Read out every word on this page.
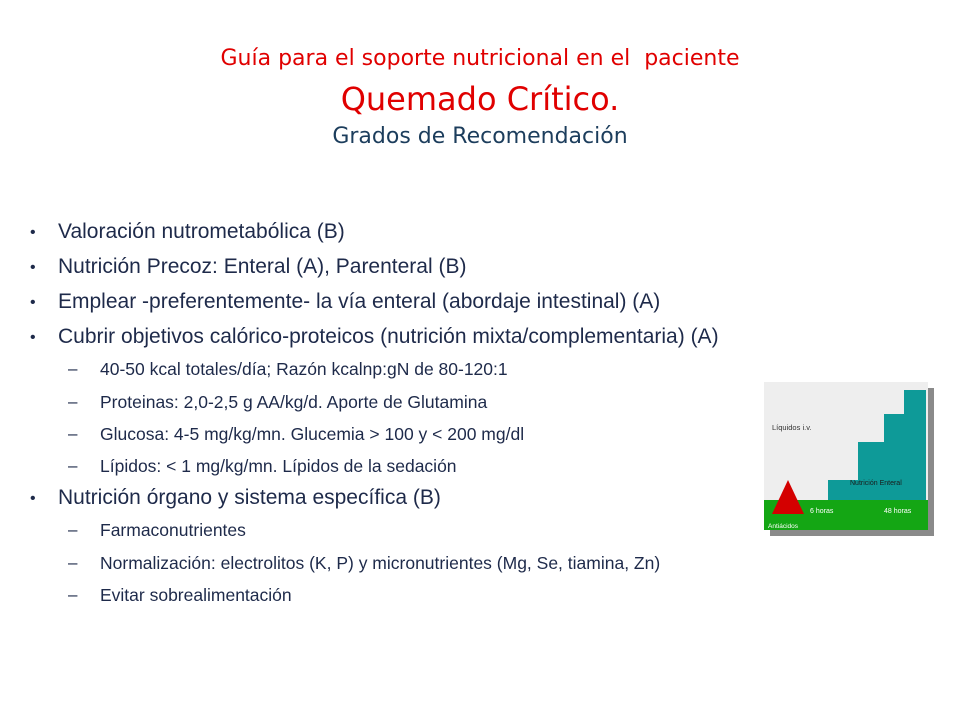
Guía para el soporte nutricional en el  paciente
Quemado Crítico.
Grados de Recomendación
• Valoración nutrometabólica (B)
• Nutrición Precoz: Enteral (A), Parenteral (B)
• Emplear -preferentemente- la vía enteral (abordaje intestinal) (A)
• Cubrir objetivos calórico-proteicos (nutrición mixta/complementaria) (A)
– 40-50 kcal totales/día; Razón kcalnp:gN de 80-120:1
– Proteinas: 2,0-2,5 g AA/kg/d. Aporte de Glutamina
– Glucosa: 4-5 mg/kg/mn. Glucemia > 100 y < 200 mg/dl
– Lípidos: < 1 mg/kg/mn. Lípidos de la sedación
• Nutrición órgano y sistema específica (B)
– Farmaconutrientes
– Normalización: electrolitos (K, P) y micronutrientes (Mg, Se, tiamina, Zn)
– Evitar sobrealimentación
Líquidos i.v.
Nutrición Enteral
6 horas	48 horas
Antiácidos
